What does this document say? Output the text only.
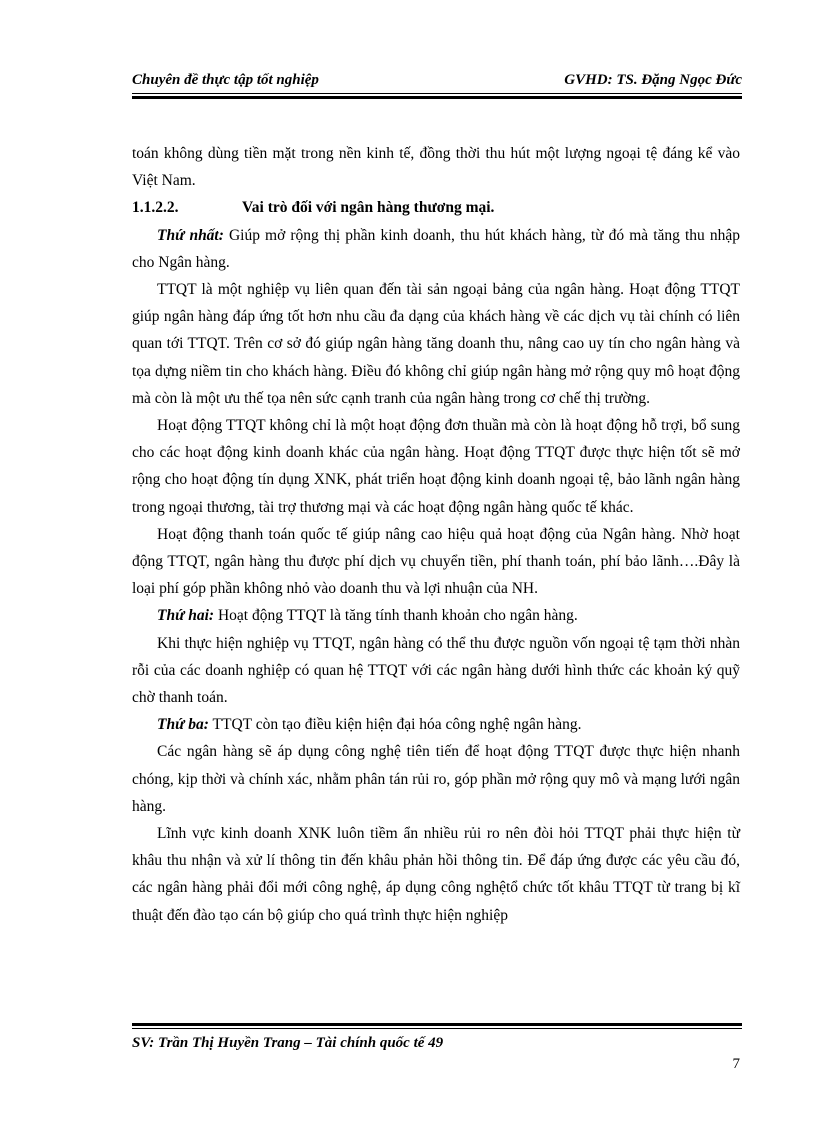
Chuyên đề thực tập tốt nghiệp	GVHD: TS. Đặng Ngọc Đức

toán không dùng tiền mặt trong nền kinh tế, đồng thời thu hút một lượng ngoại tệ đáng kể vào Việt Nam.

1.1.2.2.	Vai trò đối với ngân hàng thương mại.

Thứ nhất: Giúp mở rộng thị phần kinh doanh, thu hút khách hàng, từ đó mà tăng thu nhập cho Ngân hàng.

TTQT là một nghiệp vụ liên quan đến tài sản ngoại bảng của ngân hàng. Hoạt động TTQT giúp ngân hàng đáp ứng tốt hơn nhu cầu đa dạng của khách hàng về các dịch vụ tài chính có liên quan tới TTQT. Trên cơ sở đó giúp ngân hàng tăng doanh thu, nâng cao uy tín cho ngân hàng và tọa dựng niềm tin cho khách hàng. Điều đó không chỉ giúp ngân hàng mở rộng quy mô hoạt động mà còn là một ưu thế tọa nên sức cạnh tranh của ngân hàng trong cơ chế thị trường.

Hoạt động TTQT không chỉ là một hoạt động đơn thuần mà còn là hoạt động hỗ trợi, bổ sung cho các hoạt động kinh doanh khác của ngân hàng. Hoạt động TTQT được thực hiện tốt sẽ mở rộng cho hoạt động tín dụng XNK, phát triển hoạt động kinh doanh ngoại tệ, bảo lãnh ngân hàng trong ngoại thương, tài trợ thương mại và các hoạt động ngân hàng quốc tế khác.

Hoạt động thanh toán quốc tế giúp nâng cao hiệu quả hoạt động của Ngân hàng. Nhờ hoạt động TTQT, ngân hàng thu được phí dịch vụ chuyển tiền, phí thanh toán, phí bảo lãnh….Đây là loại phí góp phần không nhỏ vào doanh thu và lợi nhuận của NH.

Thứ hai: Hoạt động TTQT là tăng tính thanh khoản cho ngân hàng.

Khi thực hiện nghiệp vụ TTQT, ngân hàng có thể thu được nguồn vốn ngoại tệ tạm thời nhàn rỗi của các doanh nghiệp có quan hệ TTQT với các ngân hàng dưới hình thức các khoản ký quỹ chờ thanh toán.

Thứ ba: TTQT còn tạo điều kiện hiện đại hóa công nghệ ngân hàng.

Các ngân hàng sẽ áp dụng công nghệ tiên tiến để hoạt động TTQT được thực hiện nhanh chóng, kịp thời và chính xác, nhằm phân tán rủi ro, góp phần mở rộng quy mô và mạng lưới ngân hàng.

Lĩnh vực kinh doanh XNK luôn tiềm ẩn nhiều rủi ro nên đòi hỏi TTQT phải thực hiện từ khâu thu nhận và xử lí thông tin đến khâu phản hồi thông tin. Để đáp ứng được các yêu cầu đó, các ngân hàng phải đổi mới công nghệ, áp dụng công nghệtổ chức tốt khâu TTQT từ trang bị kĩ thuật đến đào tạo cán bộ giúp cho quá trình thực hiện nghiệp

SV: Trần Thị Huyền Trang – Tài chính quốc tế 49
7
